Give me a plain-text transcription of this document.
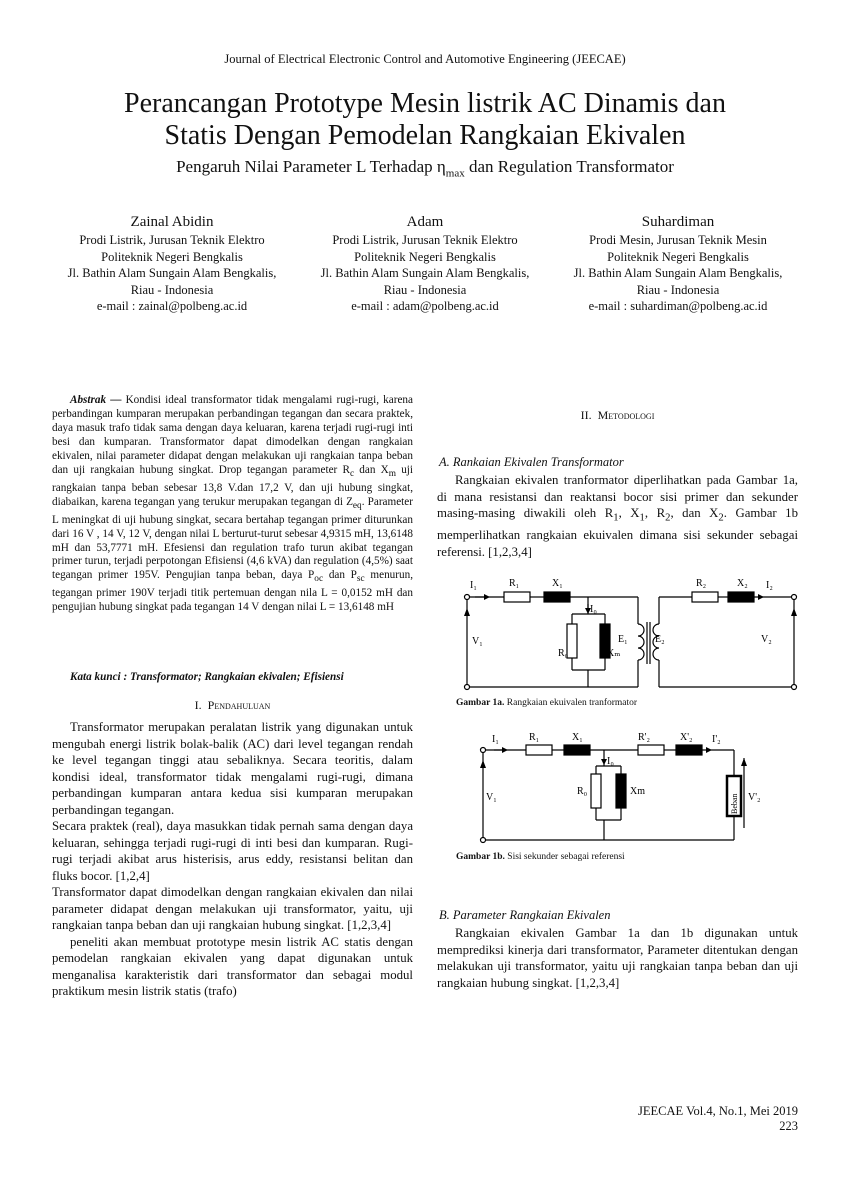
Journal of Electrical Electronic Control and Automotive Engineering (JEECAE)
Perancangan Prototype Mesin listrik AC Dinamis dan
Statis Dengan Pemodelan Rangkaian Ekivalen
Pengaruh Nilai Parameter L Terhadap $\eta_{max}$ dan Regulation Transformator
Zainal Abidin
Prodi Listrik, Jurusan Teknik Elektro
Politeknik Negeri Bengkalis
Jl. Bathin Alam Sungain Alam Bengkalis,
Riau - Indonesia
e-mail : zainal@polbeng.ac.id
Adam
Prodi Listrik, Jurusan Teknik Elektro
Politeknik Negeri Bengkalis
Jl. Bathin Alam Sungain Alam Bengkalis,
Riau - Indonesia
e-mail : adam@polbeng.ac.id
Suhardiman
Prodi Mesin, Jurusan Teknik Mesin
Politeknik Negeri Bengkalis
Jl. Bathin Alam Sungain Alam Bengkalis,
Riau - Indonesia
e-mail : suhardiman@polbeng.ac.id
Abstrak — Kondisi ideal transformator tidak mengalami rugi-rugi, karena perbandingan kumparan merupakan perbandingan tegangan dan secara praktek, daya masuk trafo tidak sama dengan daya keluaran, karena terjadi rugi-rugi inti besi dan kumparan. Transformator dapat dimodelkan dengan rangkaian ekivalen, nilai parameter didapat dengan melakukan uji rangkaian tanpa beban dan uji rangkaian hubung singkat. Drop tegangan parameter $R_c$ dan $X_m$ uji rangkaian tanpa beban sebesar 13,8 V.dan 17,2 V, dan uji hubung singkat, diabaikan, karena tegangan yang terukur merupakan tegangan di $Z_{eq}$. Parameter L meningkat di uji hubung singkat, secara bertahap tegangan primer diturunkan dari 16 V , 14 V, 12 V, dengan nilai L berturut-turut sebesar 4,9315 mH, 13,6148 mH dan 53,7771 mH. Efesiensi dan regulation trafo turun akibat tegangan primer turun, terjadi perpotongan Efisiensi (4,6 kVA) dan regulation (4,5%) saat tegangan primer 195V. Pengujian tanpa beban, daya $P_{oc}$ dan $P_{sc}$ menurun, tegangan primer 190V terjadi titik pertemuan dengan nila L = 0,0152 mH dan pengujian hubung singkat pada tegangan 14 V dengan nilai L = 13,6148 mH
Kata kunci : Transformator; Rangkaian ekivalen; Efisiensi
I. Pendahuluan

Transformator merupakan peralatan listrik yang digunakan untuk mengubah energi listrik bolak-balik (AC) dari level tegangan rendah ke level tegangan tinggi atau sebaliknya. Secara teoritis, dalam kondisi ideal, transformator tidak mengalami rugi-rugi, dimana perbandingan kumparan antara kedua sisi kumparan merupakan perbandingan tegangan.

Secara praktek (real), daya masukkan tidak pernah sama dengan daya keluaran, sehingga terjadi rugi-rugi di inti besi dan kumparan. Rugi-rugi terjadi akibat arus histerisis, arus eddy, resistansi belitan dan fluks bocor. [1,2,4]

Transformator dapat dimodelkan dengan rangkaian ekivalen dan nilai parameter didapat dengan melakukan uji transformator, yaitu, uji rangkaian tanpa beban dan uji rangkaian hubung singkat. [1,2,3,4]

peneliti akan membuat prototype mesin listrik AC statis dengan pemodelan rangkaian ekivalen yang dapat digunakan untuk menganalisa karakteristik dari transformator dan sebagai modul praktikum mesin listrik statis (trafo)

II. Metodologi
A. Rankaian Ekivalen Transformator
Rangkaian ekivalen tranformator diperlihatkan pada Gambar 1a, di mana resistansi dan reaktansi bocor sisi primer dan sekunder masing-masing diwakili oleh $R_1$, $X_1$, $R_2$, dan $X_2$. Gambar 1b memperlihatkan rangkaian ekuivalen dimana sisi sekunder sebagai referensi. [1,2,3,4]
I₁	R₁	X₁
I₀
V₁
R₀	Xₘ
E₁	E₂
R₂	X₂ I₂
V₂
Gambar 1a. Rangkaian ekuivalen tranformator
I₁	R₁	X₁	R'₂	X'₂ I'₂
I₀
V₁
R₀	Xm
V'₂
Beban
Gambar 1b. Sisi sekunder sebagai referensi
B. Parameter Rangkaian Ekivalen
Rangkaian ekivalen Gambar 1a dan 1b digunakan untuk memprediksi kinerja dari transformator, Parameter ditentukan dengan melakukan uji transformator, yaitu uji rangkaian tanpa beban dan uji rangkaian hubung singkat. [1,2,3,4]
JEECAE Vol.4, No.1, Mei 2019
223
